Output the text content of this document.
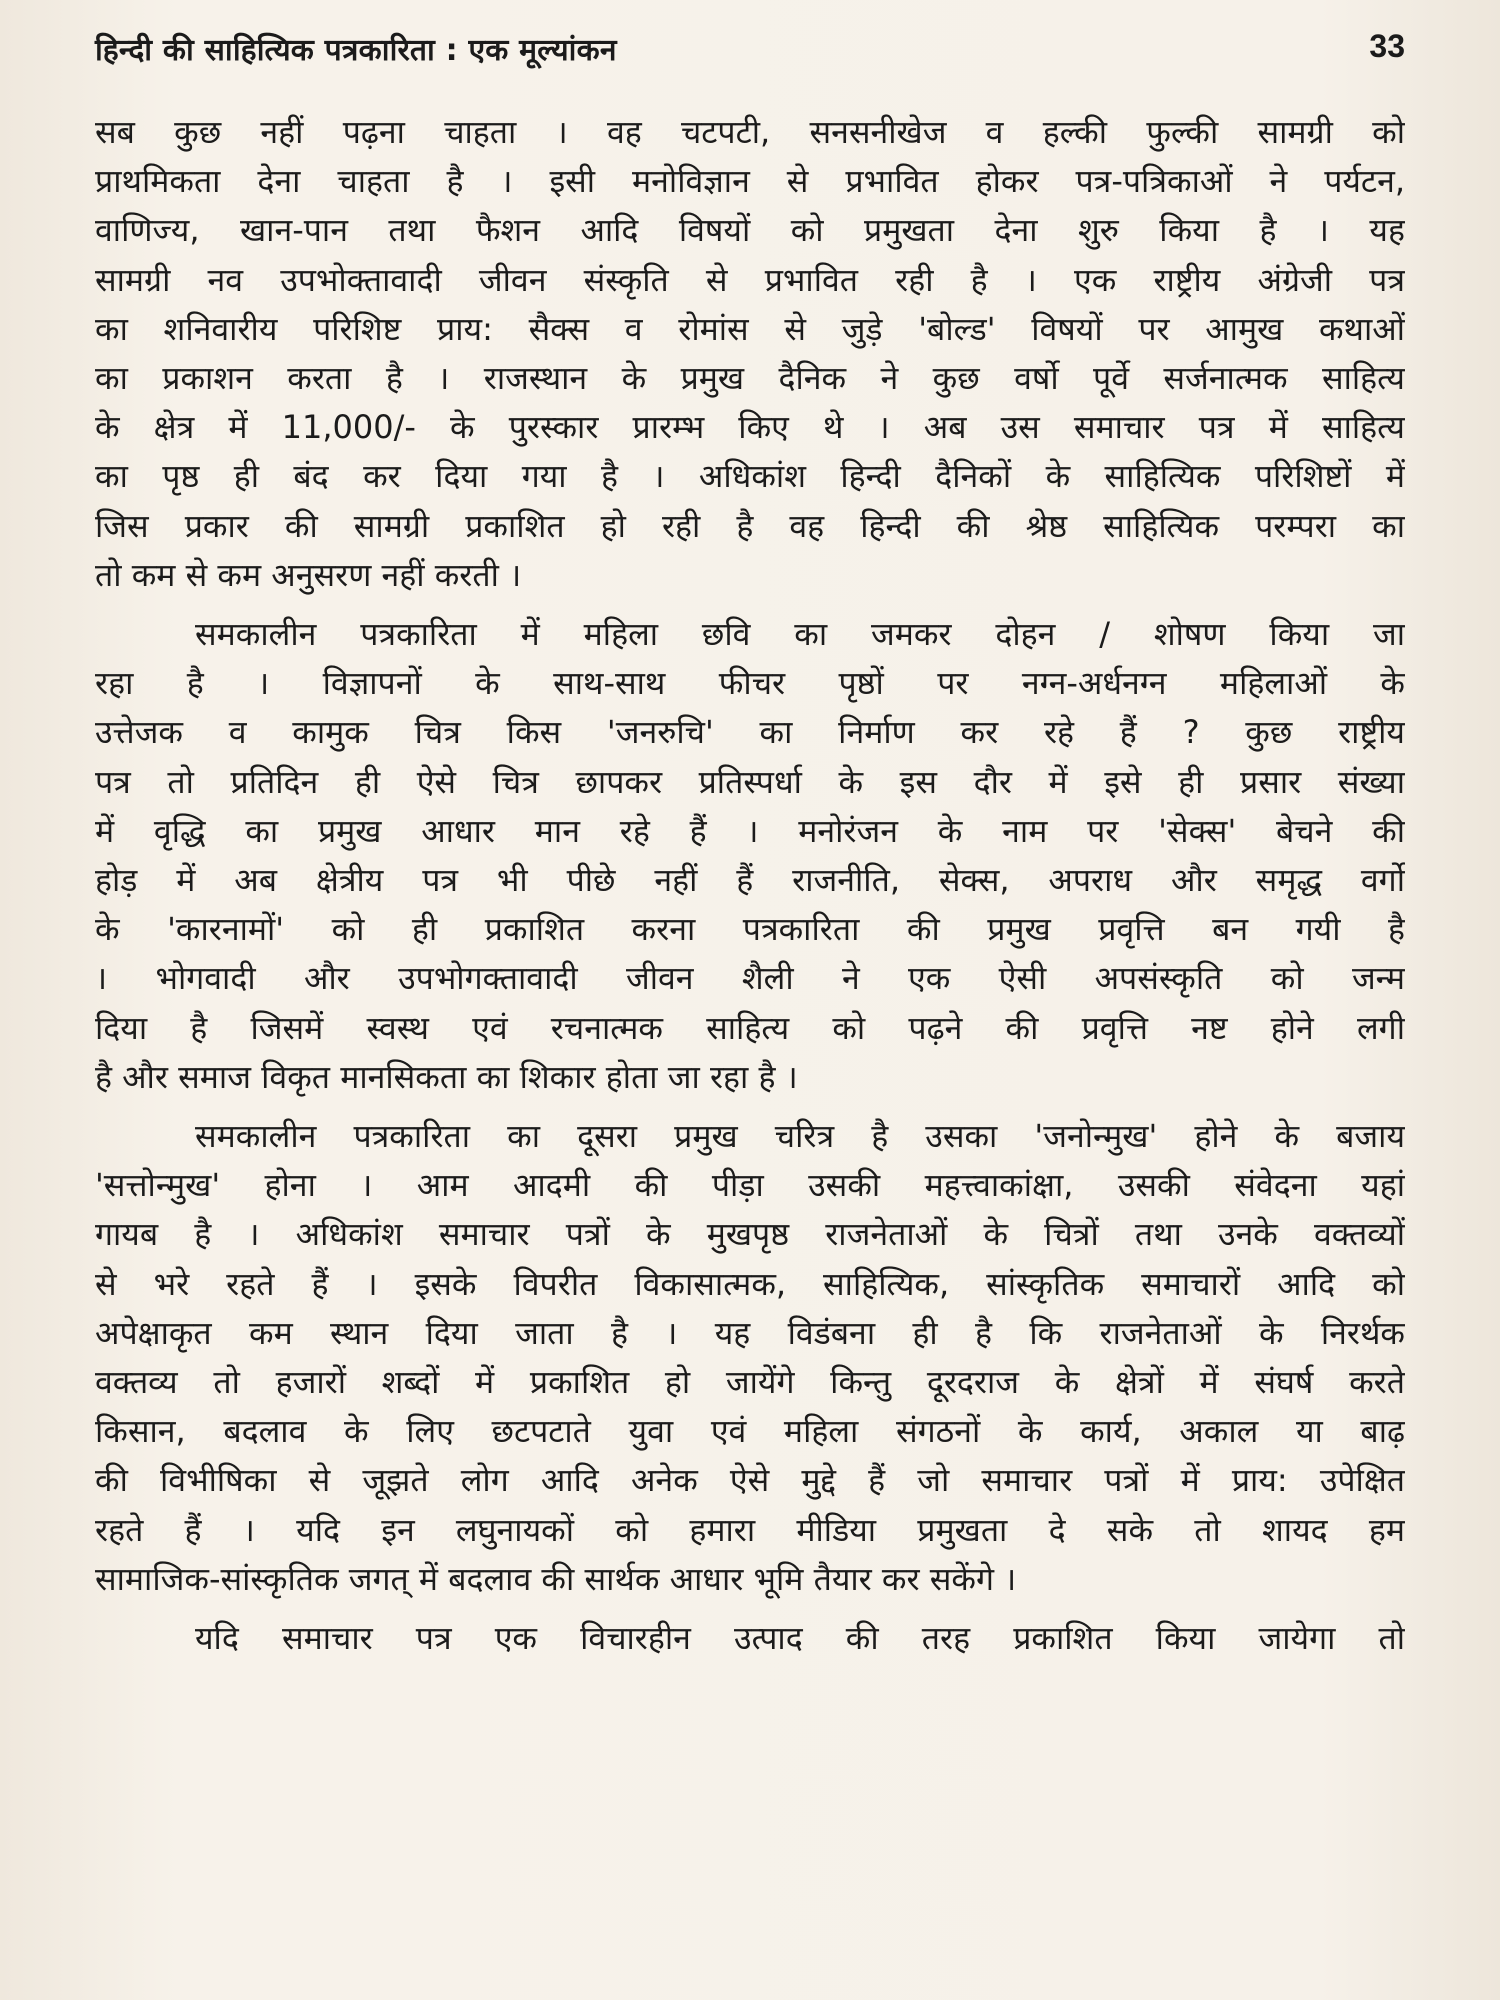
हिन्दी की साहित्यिक पत्रकारिता : एक मूल्यांकन	33
सब कुछ नहीं पढ़ना चाहता । वह चटपटी, सनसनीखेज व हल्की फुल्की सामग्री को
प्राथमिकता देना चाहता है । इसी मनोविज्ञान से प्रभावित होकर पत्र-पत्रिकाओं ने पर्यटन,
वाणिज्य, खान-पान तथा फैशन आदि विषयों को प्रमुखता देना शुरु किया है । यह
सामग्री नव उपभोक्तावादी जीवन संस्कृति से प्रभावित रही है । एक राष्ट्रीय अंग्रेजी पत्र
का शनिवारीय परिशिष्ट प्राय: सैक्स व रोमांस से जुड़े 'बोल्ड' विषयों पर आमुख कथाओं
का प्रकाशन करता है । राजस्थान के प्रमुख दैनिक ने कुछ वर्षो पूर्वे सर्जनात्मक साहित्य
के क्षेत्र में 11,000/- के पुरस्कार प्रारम्भ किए थे । अब उस समाचार पत्र में साहित्य
का पृष्ठ ही बंद कर दिया गया है । अधिकांश हिन्दी दैनिकों के साहित्यिक परिशिष्टों में
जिस प्रकार की सामग्री प्रकाशित हो रही है वह हिन्दी की श्रेष्ठ साहित्यिक परम्परा का
तो कम से कम अनुसरण नहीं करती ।
समकालीन पत्रकारिता में महिला छवि का जमकर दोहन / शोषण किया जा
रहा है । विज्ञापनों के साथ-साथ फीचर पृष्ठों पर नग्न-अर्धनग्न महिलाओं के
उत्तेजक व कामुक चित्र किस 'जनरुचि' का निर्माण कर रहे हैं ? कुछ राष्ट्रीय
पत्र तो प्रतिदिन ही ऐसे चित्र छापकर प्रतिस्पर्धा के इस दौर में इसे ही प्रसार संख्या
में वृद्धि का प्रमुख आधार मान रहे हैं । मनोरंजन के नाम पर 'सेक्स' बेचने की
होड़ में अब क्षेत्रीय पत्र भी पीछे नहीं हैं राजनीति, सेक्स, अपराध और समृद्ध वर्गो
के 'कारनामों' को ही प्रकाशित करना पत्रकारिता की प्रमुख प्रवृत्ति बन गयी है
। भोगवादी और उपभोगक्तावादी जीवन शैली ने एक ऐसी अपसंस्कृति को जन्म
दिया है जिसमें स्वस्थ एवं रचनात्मक साहित्य को पढ़ने की प्रवृत्ति नष्ट होने लगी
है और समाज विकृत मानसिकता का शिकार होता जा रहा है ।
समकालीन पत्रकारिता का दूसरा प्रमुख चरित्र है उसका 'जनोन्मुख' होने के बजाय
'सत्तोन्मुख' होना । आम आदमी की पीड़ा उसकी महत्त्वाकांक्षा, उसकी संवेदना यहां
गायब है । अधिकांश समाचार पत्रों के मुखपृष्ठ राजनेताओं के चित्रों तथा उनके वक्तव्यों
से भरे रहते हैं । इसके विपरीत विकासात्मक, साहित्यिक, सांस्कृतिक समाचारों आदि को
अपेक्षाकृत कम स्थान दिया जाता है । यह विडंबना ही है कि राजनेताओं के निरर्थक
वक्तव्य तो हजारों शब्दों में प्रकाशित हो जायेंगे किन्तु दूरदराज के क्षेत्रों में संघर्ष करते
किसान, बदलाव के लिए छटपटाते युवा एवं महिला संगठनों के कार्य, अकाल या बाढ़
की विभीषिका से जूझते लोग आदि अनेक ऐसे मुद्दे हैं जो समाचार पत्रों में प्राय: उपेक्षित
रहते हैं । यदि इन लघुनायकों को हमारा मीडिया प्रमुखता दे सके तो शायद हम
सामाजिक-सांस्कृतिक जगत् में बदलाव की सार्थक आधार भूमि तैयार कर सकेंगे ।
यदि समाचार पत्र एक विचारहीन उत्पाद की तरह प्रकाशित किया जायेगा तो
